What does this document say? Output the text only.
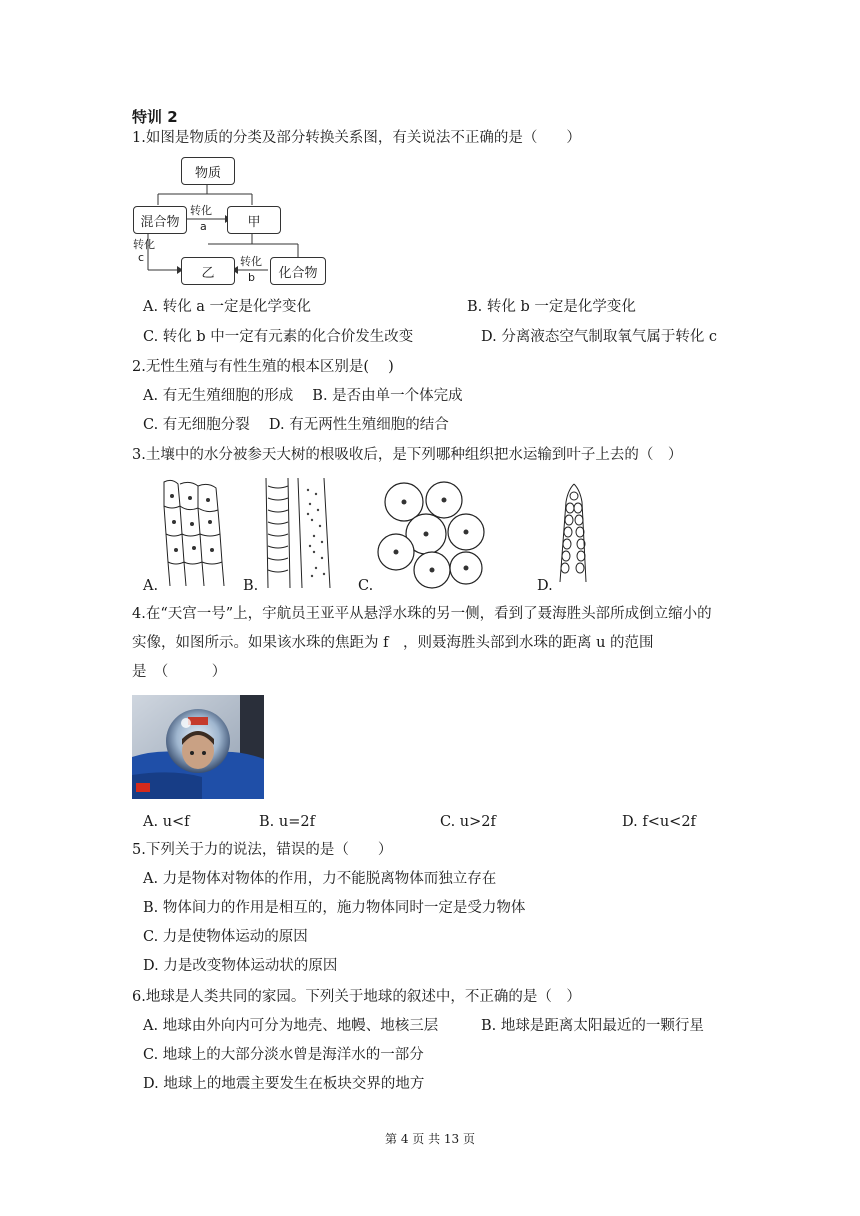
特训 2
1.如图是物质的分类及部分转换关系图，有关说法不正确的是（　　）
物质
混合物	甲
乙	化合物
转化
a
转化
c	转化
b
A. 转化 a 一定是化学变化	B. 转化 b 一定是化学变化
C. 转化 b 中一定有元素的化合价发生改变	D. 分离液态空气制取氧气属于转化 c
2.无性生殖与有性生殖的根本区别是(　 )
A. 有无生殖细胞的形成　 B. 是否由单一个体完成
C. 有无细胞分裂　 D. 有无两性生殖细胞的结合
3.土壤中的水分被参天大树的根吸收后，是下列哪种组织把水运输到叶子上去的（　）
A.	B.	C.	D.
4.在“天宫一号”上，宇航员王亚平从悬浮水珠的另一侧，看到了聂海胜头部所成倒立缩小的
实像，如图所示。如果该水珠的焦距为 f　，则聂海胜头部到水珠的距离 u 的范围
是　（　　　）
A. u<f	B. u=2f	C. u>2f	D. f<u<2f
5.下列关于力的说法，错误的是（　　）
A. 力是物体对物体的作用，力不能脱离物体而独立存在
B. 物体间力的作用是相互的，施力物体同时一定是受力物体
C. 力是使物体运动的原因
D. 力是改变物体运动状的原因
6.地球是人类共同的家园。下列关于地球的叙述中，不正确的是（　）
A. 地球由外向内可分为地壳、地幔、地核三层	B. 地球是距离太阳最近的一颗行星
C. 地球上的大部分淡水曾是海洋水的一部分
D. 地球上的地震主要发生在板块交界的地方
第 4 页 共 13 页
